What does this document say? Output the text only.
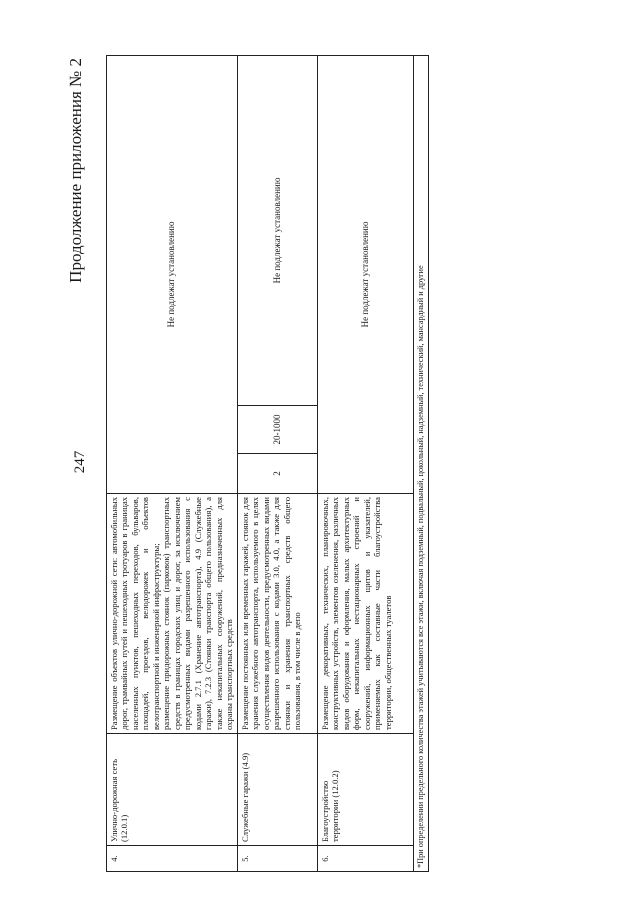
247
Продолжение приложения № 2
4.	Улично-дорожная сеть (12.0.1)	Размещение объектов улично-дорожной сети: автомобильных дорог, трамвайных путей и пешеходных тротуаров в границах населенных пунктов, пешеходных переходов, бульваров, площадей, проездов, велодорожек и объектов велотранспортной и инженерной инфраструктуры; размещение придорожных стоянок (парковок) транспортных средств в границах городских улиц и дорог, за исключением предусмотренных видами разрешенного использования с кодами 2.7.1 (Хранение автотранспорта), 4.9 (Служебные гаражи), 7.2.3 (Стоянки транспорта общего пользования), а также некапитальных сооружений, предназначенных для охраны транспортных средств	Не подлежат установлению		
5.	Служебные гаражи (4.9)	Размещение постоянных или временных гаражей, стоянок для хранения служебного автотранспорта, используемого в целях осуществления видов деятельности, предусмотренных видами разрешенного использования с кодами 3.0, 4.0, а также для стоянки и хранения транспортных средств общего пользования, в том числе в депо	2	20-1000	Не подлежат установлению
6.	Благоустройство территории (12.0.2)	Размещение декоративных, технических, планировочных, конструктивных устройств, элементов озеленения, различных видов оборудования и оформления, малых архитектурных форм, некапитальных нестационарных строений и сооружений, информационных щитов и указателей, применяемых как составные части благоустройства территории, общественных туалетов	Не подлежат установлению		
*При определении предельного количества этажей учитываются все этажи, включая подземный, подвальный, цокольный, надземный, технический, мансардный и другие					
